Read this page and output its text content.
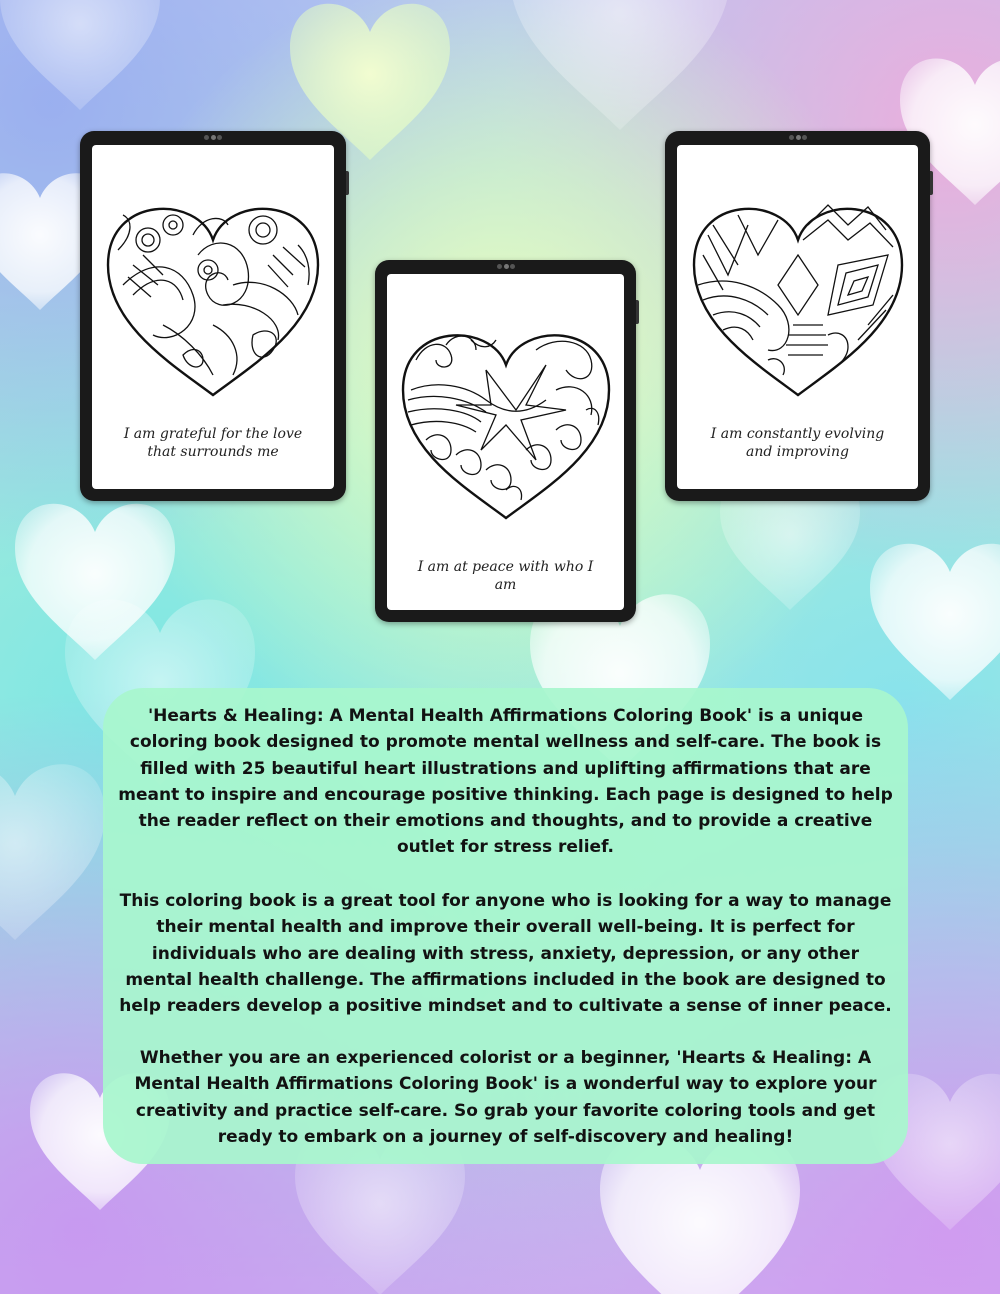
I am grateful for the love that surrounds me
I am at peace with who I am
I am constantly evolving and improving

'Hearts & Healing: A Mental Health Affirmations Coloring Book' is a unique coloring book designed to promote mental wellness and self-care. The book is filled with 25 beautiful heart illustrations and uplifting affirmations that are meant to inspire and encourage positive thinking. Each page is designed to help the reader reflect on their emotions and thoughts, and to provide a creative outlet for stress relief.

This coloring book is a great tool for anyone who is looking for a way to manage their mental health and improve their overall well-being. It is perfect for individuals who are dealing with stress, anxiety, depression, or any other mental health challenge. The affirmations included in the book are designed to help readers develop a positive mindset and to cultivate a sense of inner peace.

Whether you are an experienced colorist or a beginner, 'Hearts & Healing: A Mental Health Affirmations Coloring Book' is a wonderful way to explore your creativity and practice self-care. So grab your favorite coloring tools and get ready to embark on a journey of self-discovery and healing!
